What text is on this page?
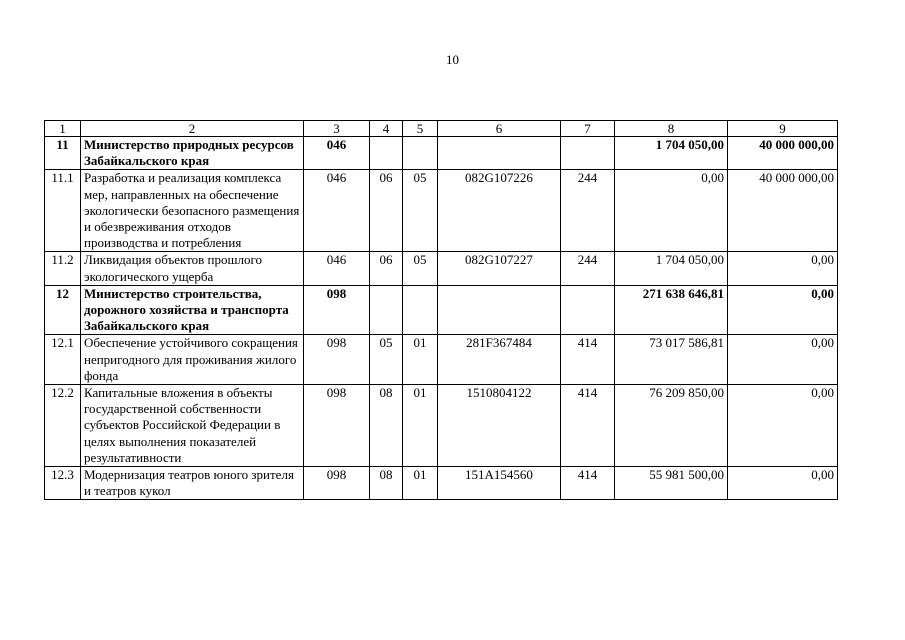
10
1	2	3	4	5	6	7	8	9
11	Министерство природных ресурсов Забайкальского края	046					1 704 050,00	40 000 000,00
11.1	Разработка и реализация комплекса мер, направленных на обеспечение экологически безопасного размещения и обезвреживания отходов производства и потребления	046	06	05	082G107226	244	0,00	40 000 000,00
11.2	Ликвидация объектов прошлого экологического ущерба	046	06	05	082G107227	244	1 704 050,00	0,00
12	Министерство строительства, дорожного хозяйства и транспорта Забайкальского края	098					271 638 646,81	0,00
12.1	Обеспечение устойчивого сокращения непригодного для проживания жилого фонда	098	05	01	281F367484	414	73 017 586,81	0,00
12.2	Капитальные вложения в объекты государственной собственности субъектов Российской Федерации в целях выполнения показателей результативности	098	08	01	1510804122	414	76 209 850,00	0,00
12.3	Модернизация театров юного зрителя и театров кукол	098	08	01	151A154560	414	55 981 500,00	0,00
